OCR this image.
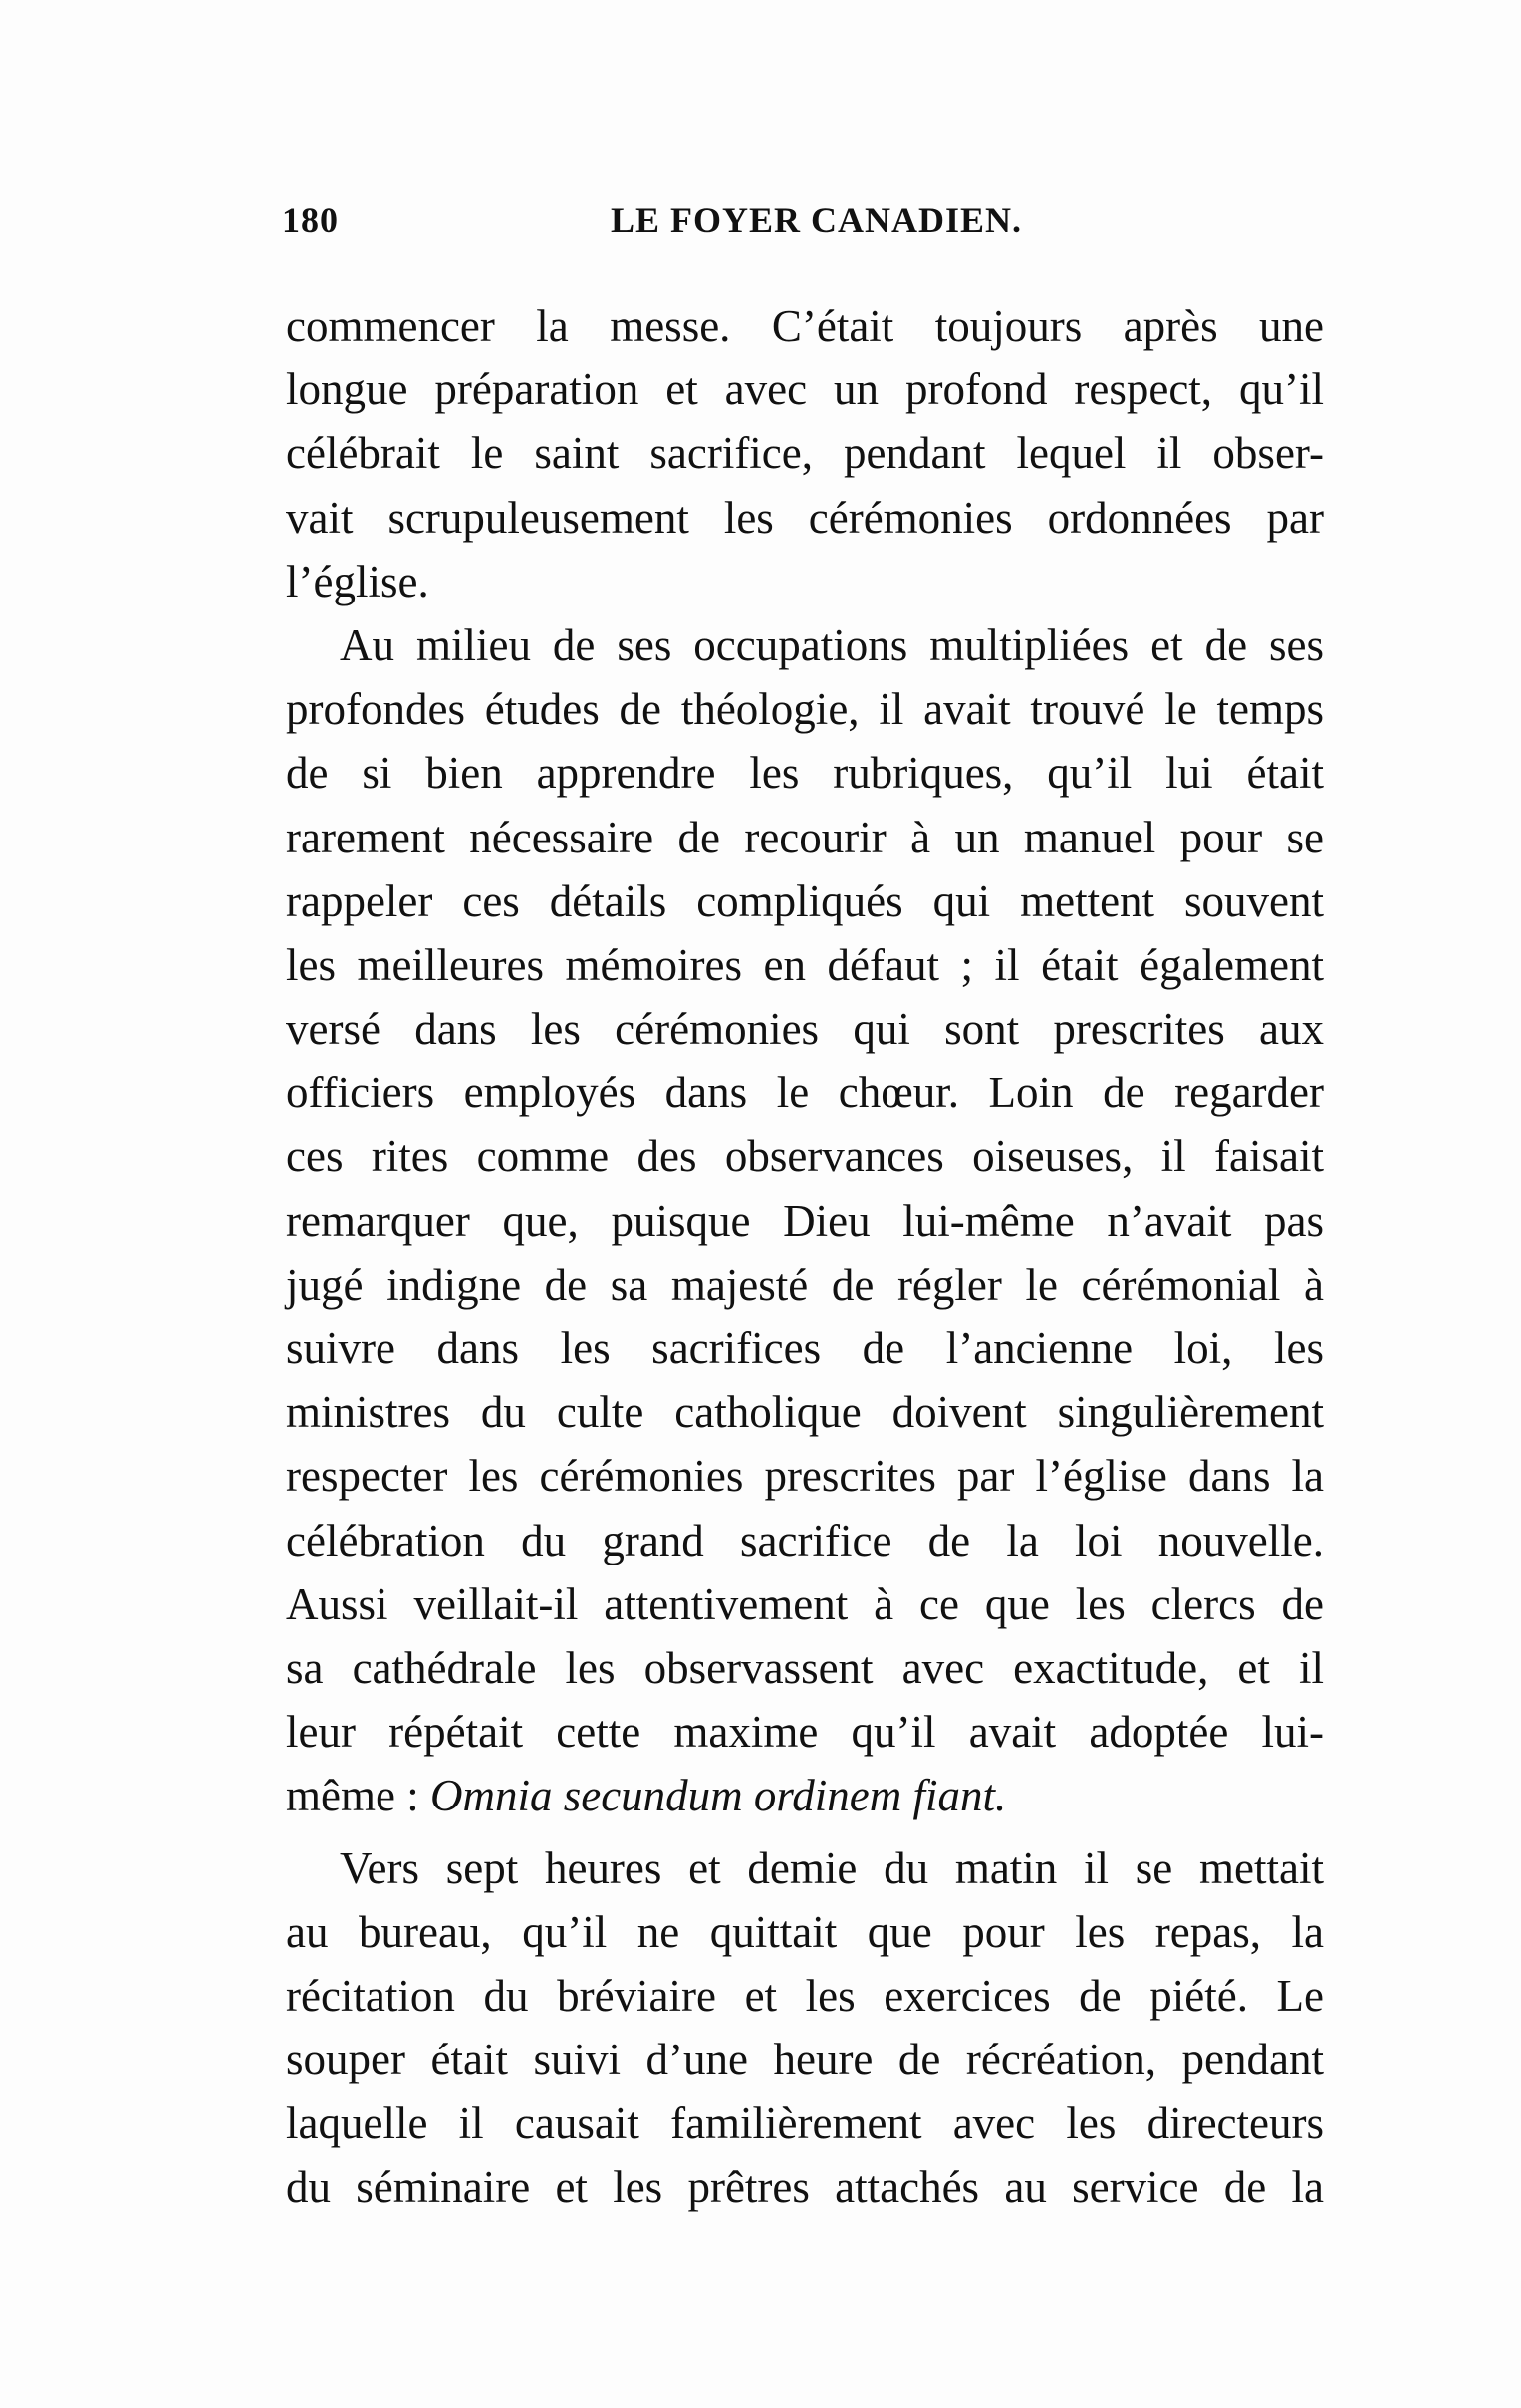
180	LE FOYER CANADIEN.
commencer la messe. C’était toujours après une
longue préparation et avec un profond respect, qu’il
célébrait le saint sacrifice, pendant lequel il obser-
vait scrupuleusement les cérémonies ordonnées par
l’église.
Au milieu de ses occupations multipliées et de ses
profondes études de théologie, il avait trouvé le temps
de si bien apprendre les rubriques, qu’il lui était
rarement nécessaire de recourir à un manuel pour se
rappeler ces détails compliqués qui mettent souvent
les meilleures mémoires en défaut ; il était également
versé dans les cérémonies qui sont prescrites aux
officiers employés dans le chœur. Loin de regarder
ces rites comme des observances oiseuses, il faisait
remarquer que, puisque Dieu lui-même n’avait pas
jugé indigne de sa majesté de régler le cérémonial à
suivre dans les sacrifices de l’ancienne loi, les
ministres du culte catholique doivent singulièrement
respecter les cérémonies prescrites par l’église dans la
célébration du grand sacrifice de la loi nouvelle.
Aussi veillait-il attentivement à ce que les clercs de
sa cathédrale les observassent avec exactitude, et il
leur répétait cette maxime qu’il avait adoptée lui-
même : Omnia secundum ordinem fiant.
Vers sept heures et demie du matin il se mettait
au bureau, qu’il ne quittait que pour les repas, la
récitation du bréviaire et les exercices de piété. Le
souper était suivi d’une heure de récréation, pendant
laquelle il causait familièrement avec les directeurs
du séminaire et les prêtres attachés au service de la
